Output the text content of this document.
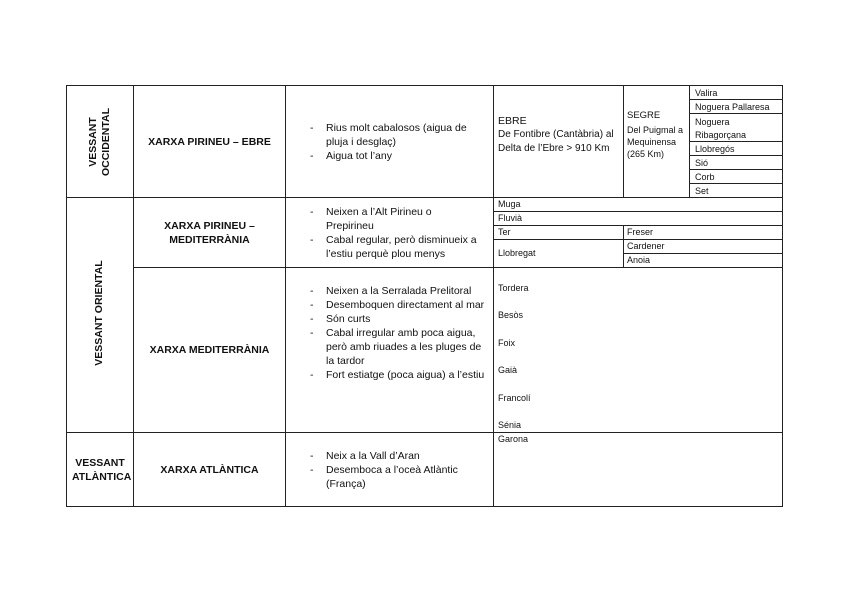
VESSANT OCCIDENTAL
VESSANT ORIENTAL
VESSANT ATLÀNTICA
XARXA PIRINEU – EBRE
XARXA PIRINEU – MEDITERRÀNIA
XARXA MEDITERRÀNIA
XARXA ATLÀNTICA
- Rius molt cabalosos (aigua de pluja i desglaç)
- Aigua tot l’any
- Neixen a l’Alt Pirineu o Prepirineu
- Cabal regular, però disminueix a l’estiu perquè plou menys
- Neixen a la Serralada Prelitoral
- Desemboquen directament al mar
- Són curts
- Cabal irregular amb poca aigua, però amb riuades a les pluges de la tardor
- Fort estiatge (poca aigua) a l’estiu
- Neix a la Vall d’Aran
- Desemboca a l’oceà Atlàntic (França)
EBRE
De Fontibre (Cantàbria) al Delta de l’Ebre > 910 Km
SEGRE
Del Puigmal a Mequinensa (265 Km)
Valira
Noguera Pallaresa
Noguera Ribagorçana
Llobregós
Sió
Corb
Set
Muga
Fluvià
Ter	Freser
Llobregat
Cardener
Anoia
Tordera
Besòs
Foix
Gaià
Francolí
Sénia
Garona
